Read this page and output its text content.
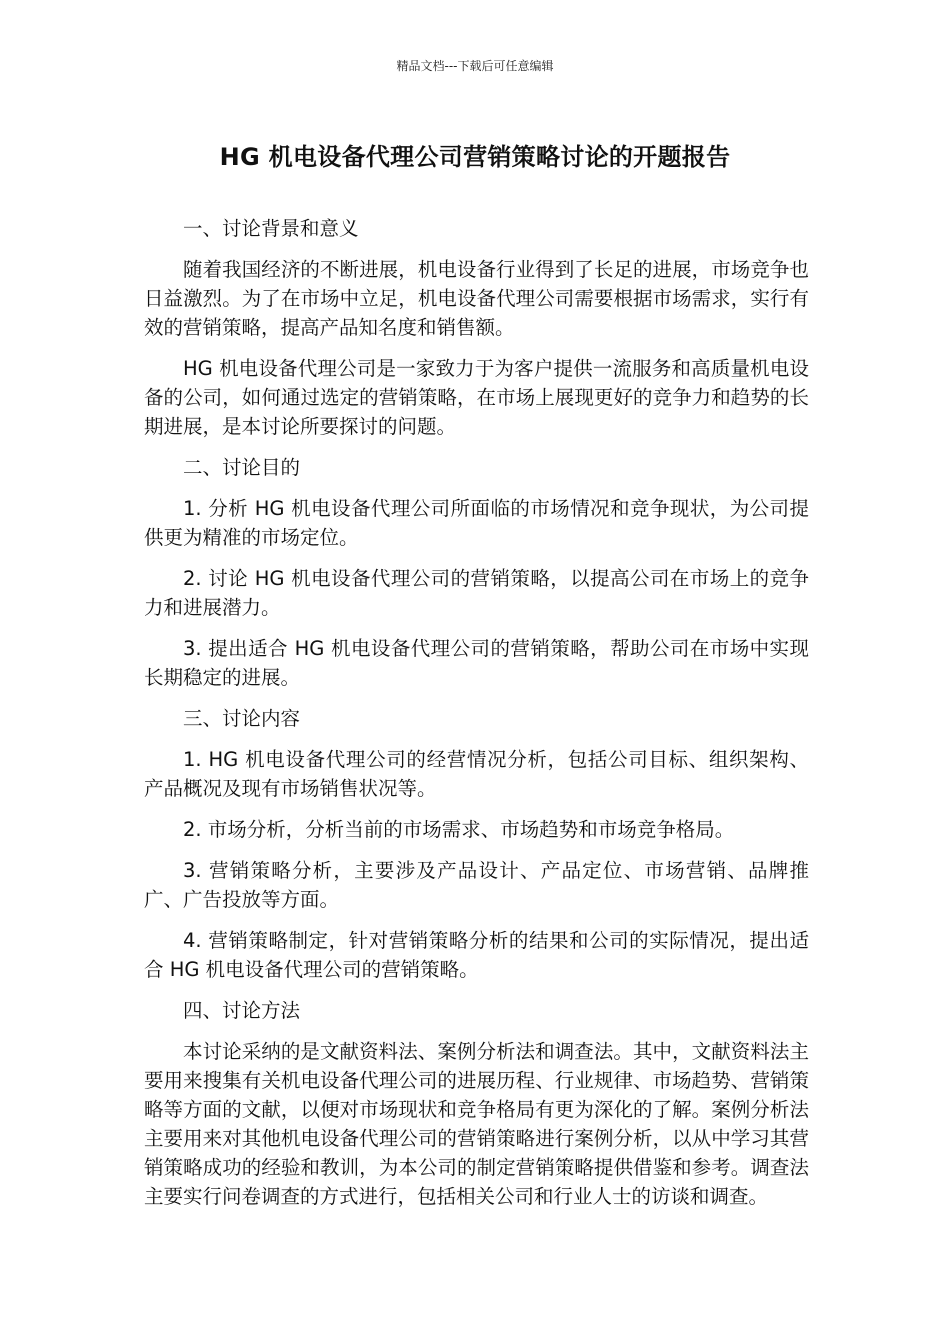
精品文档---下载后可任意编辑
HG 机电设备代理公司营销策略讨论的开题报告

一、讨论背景和意义

随着我国经济的不断进展，机电设备行业得到了长足的进展，市场竞争也日益激烈。为了在市场中立足，机电设备代理公司需要根据市场需求，实行有效的营销策略，提高产品知名度和销售额。

HG 机电设备代理公司是一家致力于为客户提供一流服务和高质量机电设备的公司，如何通过选定的营销策略，在市场上展现更好的竞争力和趋势的长期进展，是本讨论所要探讨的问题。

二、讨论目的

1. 分析 HG 机电设备代理公司所面临的市场情况和竞争现状，为公司提供更为精准的市场定位。

2. 讨论 HG 机电设备代理公司的营销策略，以提高公司在市场上的竞争力和进展潜力。

3. 提出适合 HG 机电设备代理公司的营销策略，帮助公司在市场中实现长期稳定的进展。

三、讨论内容

1. HG 机电设备代理公司的经营情况分析，包括公司目标、组织架构、产品概况及现有市场销售状况等。

2. 市场分析，分析当前的市场需求、市场趋势和市场竞争格局。

3. 营销策略分析，主要涉及产品设计、产品定位、市场营销、品牌推广、广告投放等方面。

4. 营销策略制定，针对营销策略分析的结果和公司的实际情况，提出适合 HG 机电设备代理公司的营销策略。

四、讨论方法

本讨论采纳的是文献资料法、案例分析法和调查法。其中，文献资料法主要用来搜集有关机电设备代理公司的进展历程、行业规律、市场趋势、营销策略等方面的文献，以便对市场现状和竞争格局有更为深化的了解。案例分析法主要用来对其他机电设备代理公司的营销策略进行案例分析，以从中学习其营销策略成功的经验和教训，为本公司的制定营销策略提供借鉴和参考。调查法主要实行问卷调查的方式进行，包括相关公司和行业人士的访谈和调查。
